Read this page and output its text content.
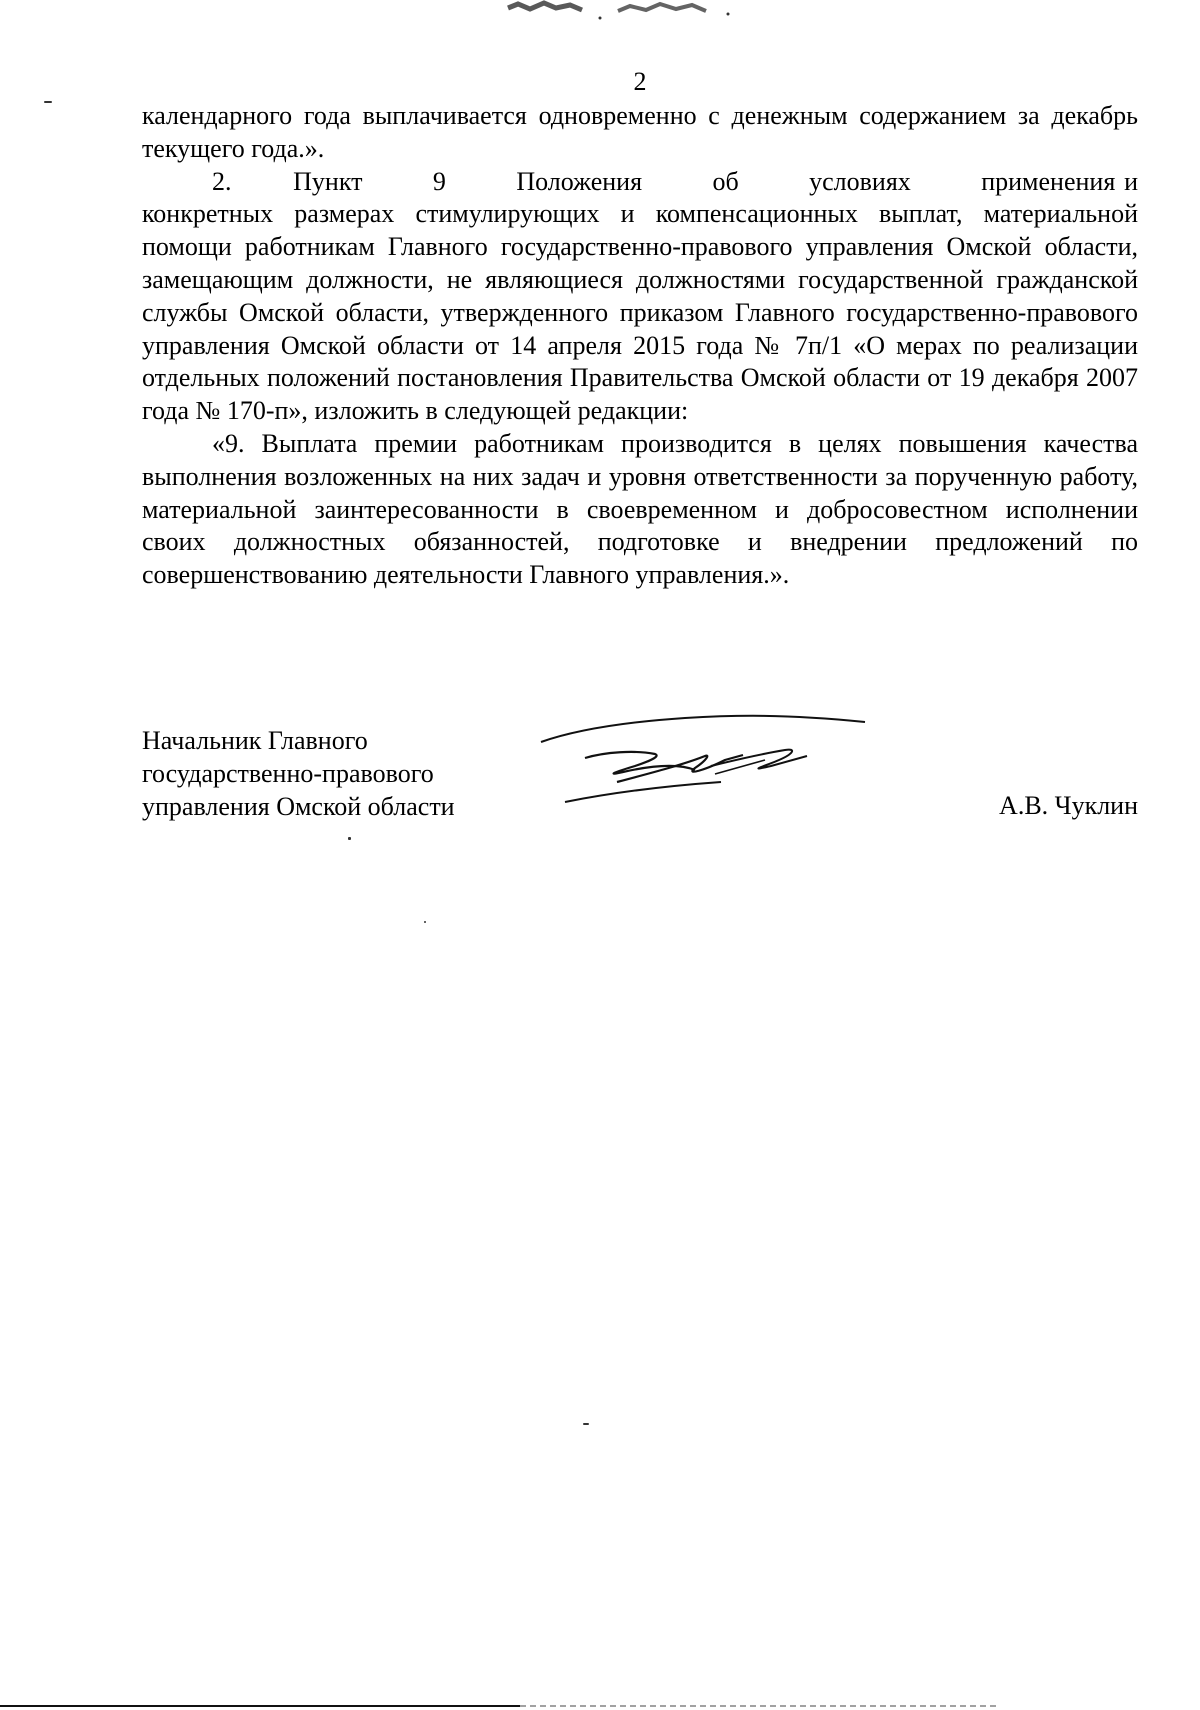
2

календарного года выплачивается одновременно с денежным содержанием за декабрь текущего года.».

2.       Пункт        9        Положения        об        условиях        применения и конкретных размерах стимулирующих и компенсационных выплат, материальной помощи работникам Главного государственно-правового управления Омской области, замещающим должности, не являющиеся должностями государственной гражданской службы Омской области, утвержденного приказом Главного государственно-правового управления Омской области от 14 апреля 2015 года № 7п/1 «О мерах по реализации отдельных положений постановления Правительства Омской области от 19 декабря 2007 года № 170-п», изложить в следующей редакции:

«9. Выплата премии работникам производится в целях повышения качества выполнения возложенных на них задач и уровня ответственности за порученную работу, материальной заинтересованности в своевременном и добросовестном исполнении своих должностных обязанностей, подготовке и внедрении предложений по совершенствованию деятельности Главного управления.».

Начальник Главного
государственно-правового
управления Омской области	А.В. Чуклин
